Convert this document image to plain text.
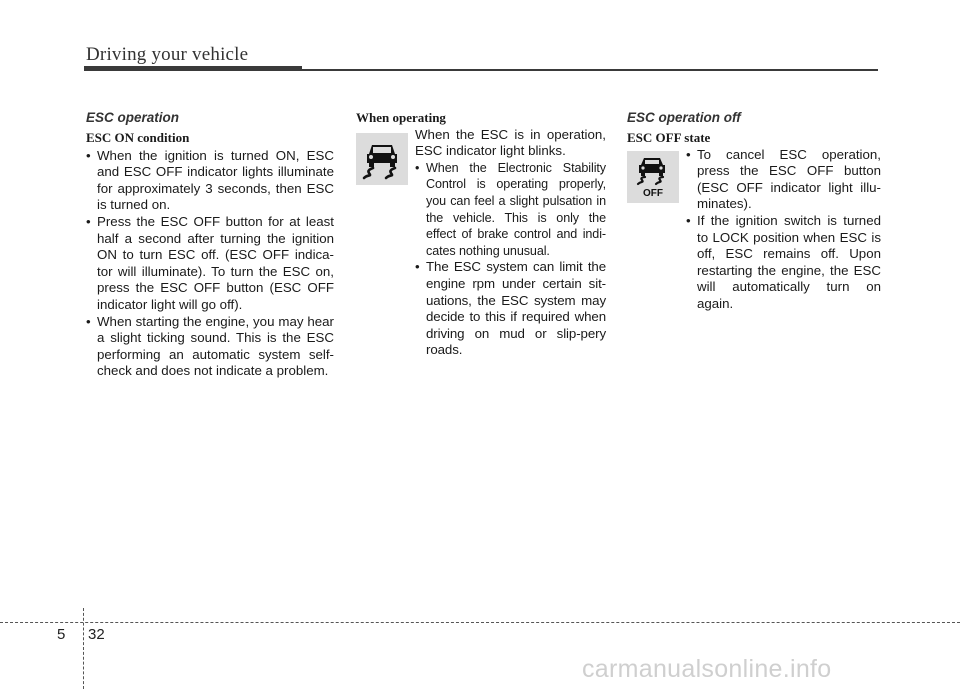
Driving your vehicle
ESC operation
ESC ON condition
• When the ignition is turned ON, ESC and ESC OFF indicator lights illuminate for approximately 3 seconds, then ESC is turned on.
• Press the ESC OFF button for at least half a second after turning the ignition ON to turn ESC off. (ESC OFF indica-tor will illuminate). To turn the ESC on, press the ESC OFF button (ESC OFF indicator light will go off).
• When starting the engine, you may hear a slight ticking sound. This is the ESC performing an automatic system self-check and does not indicate a problem.
When operating
When the ESC is in operation, ESC indicator light blinks.
• When the Electronic Stability Control is operating properly, you can feel a slight pulsation in the vehicle. This is only the effect of brake control and indi-cates nothing unusual.
• The ESC system can limit the engine rpm under certain sit-uations, the ESC system may decide to this if required when driving on mud or slip-pery roads.
ESC operation off
ESC OFF state
OFF
• To cancel ESC operation, press the ESC OFF button (ESC OFF indicator light illu-minates).
• If the ignition switch is turned to LOCK position when ESC is off, ESC remains off. Upon restarting the engine, the ESC will automatically turn on again.
5 32
carmanualsonline.info
